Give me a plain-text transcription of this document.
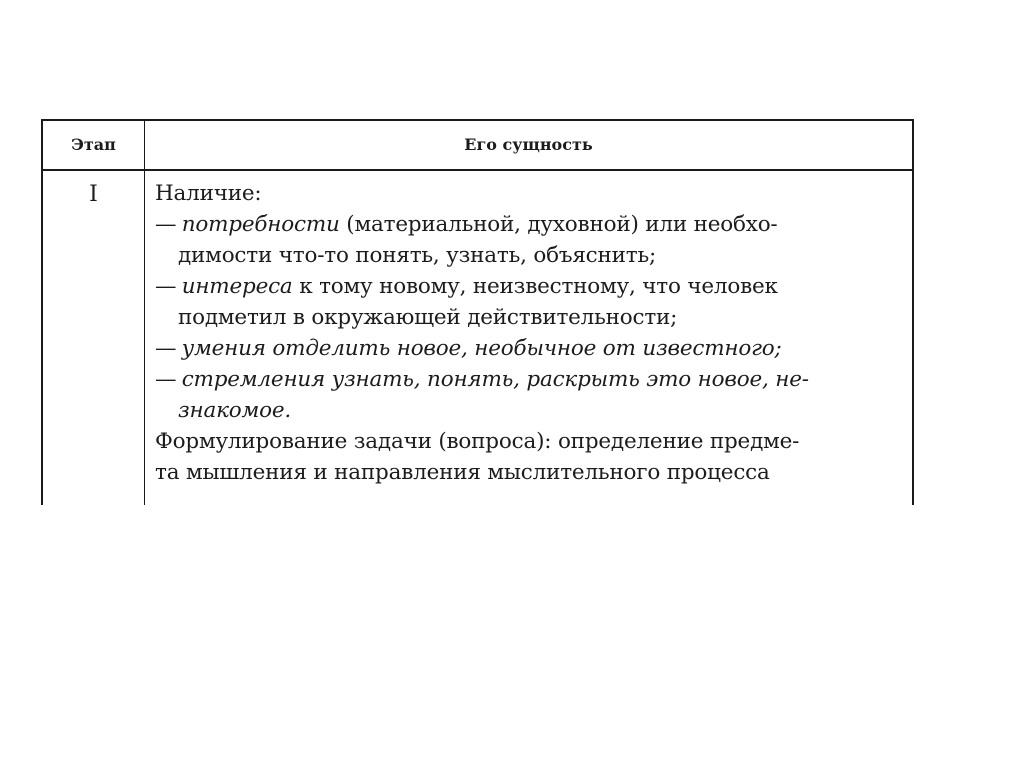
Этап	Его сущность
I	Наличие:
— потребности (материальной, духовной) или необхо-
димости что-то понять, узнать, объяснить;
— интереса к тому новому, неизвестному, что человек
подметил в окружающей действительности;
— умения отделить новое, необычное от известного;
— стремления узнать, понять, раскрыть это новое, не-
знакомое.
Формулирование задачи (вопроса): определение предме-
та мышления и направления мыслительного процесса
